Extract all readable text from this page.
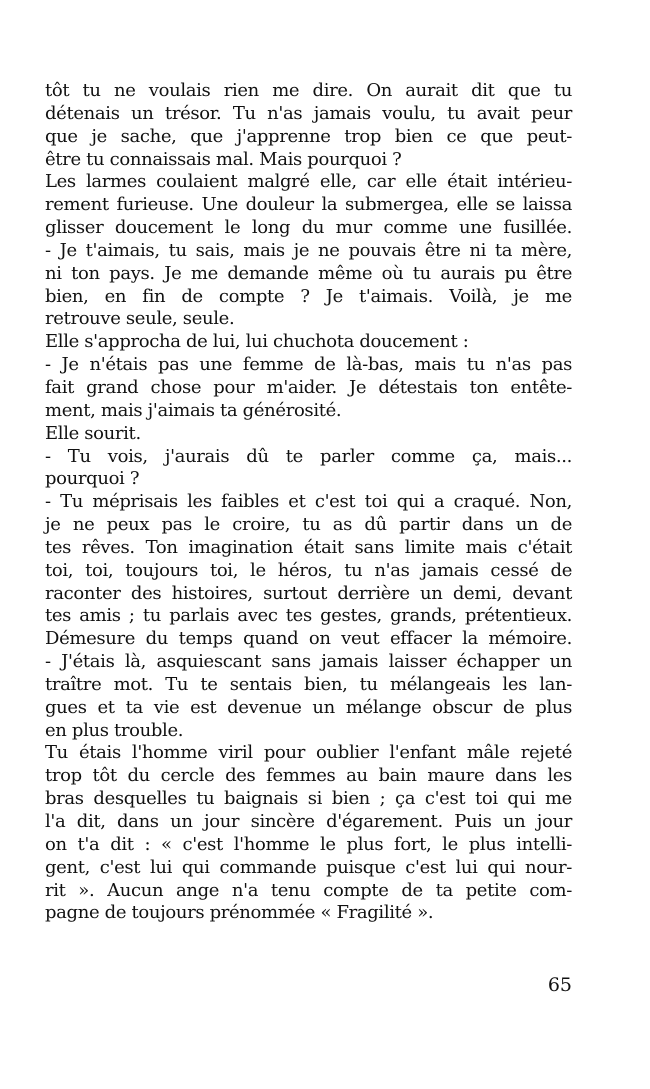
tôt tu ne voulais rien me dire. On aurait dit que tu
détenais un trésor. Tu n'as jamais voulu, tu avait peur
que je sache, que j'apprenne trop bien ce que peut-
être tu connaissais mal. Mais pourquoi ?
Les larmes coulaient malgré elle, car elle était intérieu-
rement furieuse. Une douleur la submergea, elle se laissa
glisser doucement le long du mur comme une fusillée.
- Je t'aimais, tu sais, mais je ne pouvais être ni ta mère,
ni ton pays. Je me demande même où tu aurais pu être
bien, en fin de compte ? Je t'aimais. Voilà, je me
retrouve seule, seule.
Elle s'approcha de lui, lui chuchota doucement :
- Je n'étais pas une femme de là-bas, mais tu n'as pas
fait grand chose pour m'aider. Je détestais ton entête-
ment, mais j'aimais ta générosité.
Elle sourit.
- Tu vois, j'aurais dû te parler comme ça, mais...
pourquoi ?
- Tu méprisais les faibles et c'est toi qui a craqué. Non,
je ne peux pas le croire, tu as dû partir dans un de
tes rêves. Ton imagination était sans limite mais c'était
toi, toi, toujours toi, le héros, tu n'as jamais cessé de
raconter des histoires, surtout derrière un demi, devant
tes amis ; tu parlais avec tes gestes, grands, prétentieux.
Démesure du temps quand on veut effacer la mémoire.
- J'étais là, asquiescant sans jamais laisser échapper un
traître mot. Tu te sentais bien, tu mélangeais les lan-
gues et ta vie est devenue un mélange obscur de plus
en plus trouble.
Tu étais l'homme viril pour oublier l'enfant mâle rejeté
trop tôt du cercle des femmes au bain maure dans les
bras desquelles tu baignais si bien ; ça c'est toi qui me
l'a dit, dans un jour sincère d'égarement. Puis un jour
on t'a dit : « c'est l'homme le plus fort, le plus intelli-
gent, c'est lui qui commande puisque c'est lui qui nour-
rit ». Aucun ange n'a tenu compte de ta petite com-
pagne de toujours prénommée « Fragilité ».
65
